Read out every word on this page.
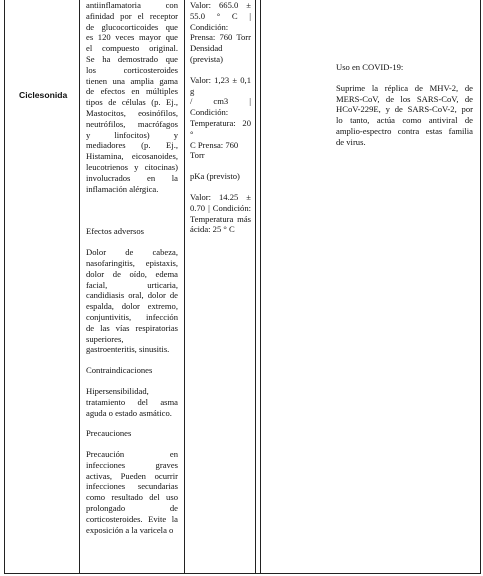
Ciclesonida
antiinflamatoria con
afinidad por el receptor
de glucocorticoides que
es 120 veces mayor que
el compuesto original.
Se ha demostrado que
los corticosteroides
tienen una amplia gama
de efectos en múltiples
tipos de células (p. Ej.,
Mastocitos, eosinófilos,
neutrófilos, macrófagos
y linfocitos) y
mediadores (p. Ej.,
Histamina, eicosanoides,
leucotrienos y citocinas)
involucrados en la
inflamación alérgica.
Efectos adversos
Dolor de cabeza,
nasofaringitis, epistaxis,
dolor de oído, edema
facial, urticaria,
candidiasis oral, dolor de
espalda, dolor extremo,
conjuntivitis, infección
de las vías respiratorias
superiores,
gastroenteritis, sinusitis.
Contraindicaciones
Hipersensibilidad,
tratamiento del asma
aguda o estado asmático.
Precauciones
Precaución en
infecciones graves
activas, Pueden ocurrir
infecciones secundarias
como resultado del uso
prolongado de
corticosteroides. Evite la
exposición a la varicela o
Valor: 665.0 ±
55.0 ° C |
Condición:
Prensa: 760 Torr
Densidad
(prevista)
Valor: 1,23 ± 0,1 g
/ cm3 | Condición:
Temperatura: 20 °
C Prensa: 760 Torr
pKa (previsto)
Valor: 14.25 ±
0.70 | Condición:
Temperatura más
ácida: 25 ° C
Uso en COVID-19:
Suprime la réplica de MHV-2, de
MERS-CoV, de los SARS-CoV, de
HCoV-229E, y de SARS-CoV-2, por
lo tanto, actúa como antiviral de
amplio-espectro contra estas familia
de virus.
